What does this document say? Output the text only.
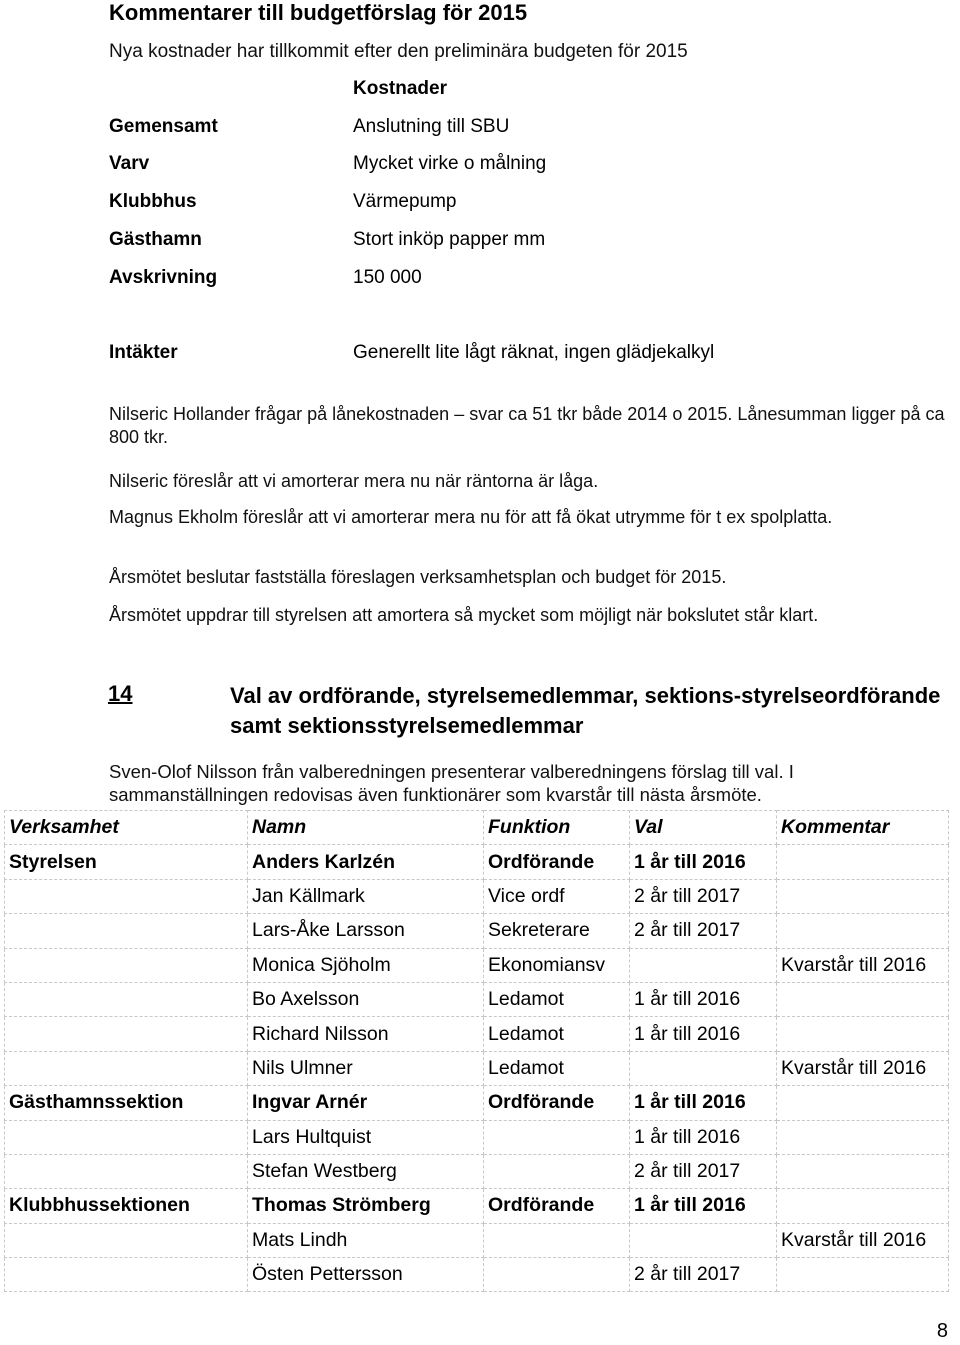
Kommentarer till budgetförslag för 2015
Nya kostnader har tillkommit efter den preliminära budgeten för 2015
Kostnader
Gemensamt	Anslutning till SBU
Varv	Mycket virke o målning
Klubbhus	Värmepump
Gästhamn	Stort inköp papper mm
Avskrivning	150 000
Intäkter	Generellt lite lågt räknat, ingen glädjekalkyl
Nilseric Hollander frågar på lånekostnaden – svar ca 51 tkr både 2014 o 2015. Lånesumman ligger på ca 800 tkr.
Nilseric föreslår att vi amorterar mera nu när räntorna är låga.
Magnus Ekholm föreslår att vi amorterar mera nu för att få ökat utrymme för t ex spolplatta.
Årsmötet beslutar fastställa föreslagen verksamhetsplan och budget för 2015.
Årsmötet uppdrar till styrelsen att amortera så mycket som möjligt när bokslutet står klart.
14	Val av ordförande, styrelsemedlemmar, sektions-styrelseordförande samt sektionsstyrelsemedlemmar
Sven-Olof Nilsson från valberedningen presenterar valberedningens förslag till val. I sammanställningen redovisas även funktionärer som kvarstår till nästa årsmöte.
Verksamhet	Namn	Funktion	Val	Kommentar
Styrelsen	Anders Karlzén	Ordförande	1 år till 2016	
	Jan Källmark	Vice ordf	2 år till 2017	
	Lars-Åke Larsson	Sekreterare	2 år till 2017	
	Monica Sjöholm	Ekonomiansv		Kvarstår till 2016
	Bo Axelsson	Ledamot	1 år till 2016	
	Richard Nilsson	Ledamot	1 år till 2016	
	Nils Ulmner	Ledamot		Kvarstår till 2016
Gästhamnssektion	Ingvar Arnér	Ordförande	1 år till 2016	
	Lars Hultquist		1 år till 2016	
	Stefan Westberg		2 år till 2017	
Klubbhussektionen	Thomas Strömberg	Ordförande	1 år till 2016	
	Mats Lindh			Kvarstår till 2016
	Östen Pettersson		2 år till 2017	
8
